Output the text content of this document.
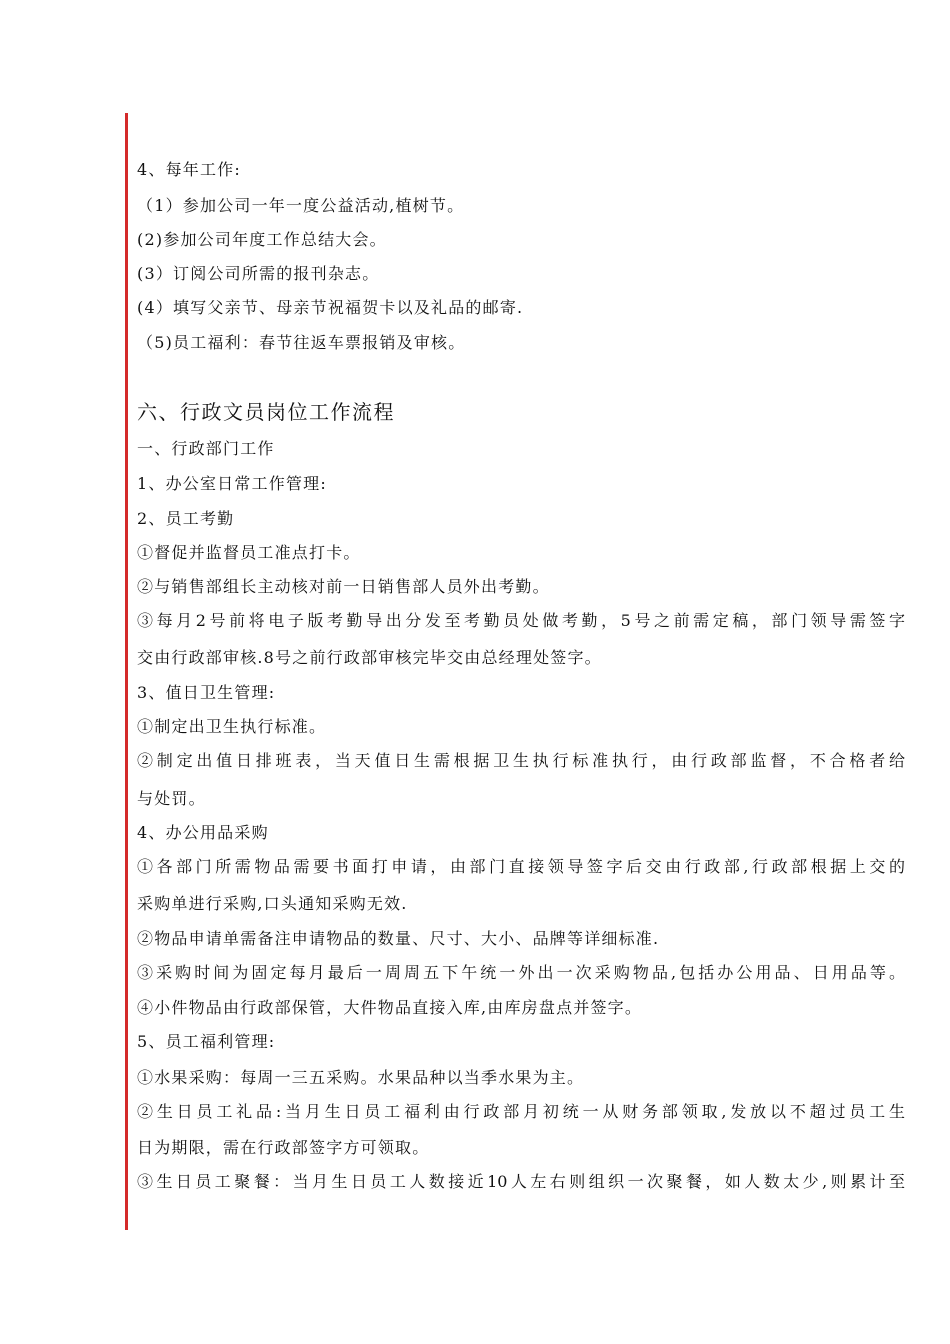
4、每年工作:
（1）参加公司一年一度公益活动,植树节。
(2)参加公司年度工作总结大会。
(3）订阅公司所需的报刊杂志。
(4）填写父亲节、母亲节祝福贺卡以及礼品的邮寄.
（5)员工福利：春节往返车票报销及审核。
六、行政文员岗位工作流程
一、行政部门工作
1、办公室日常工作管理:
2、员工考勤
①督促并监督员工准点打卡。
②与销售部组长主动核对前一日销售部人员外出考勤。
③每月2号前将电子版考勤导出分发至考勤员处做考勤，5号之前需定稿，部门领导需签字
交由行政部审核.8号之前行政部审核完毕交由总经理处签字。
3、值日卫生管理:
①制定出卫生执行标准。
②制定出值日排班表，当天值日生需根据卫生执行标准执行，由行政部监督，不合格者给
与处罚。
4、办公用品采购
①各部门所需物品需要书面打申请，由部门直接领导签字后交由行政部,行政部根据上交的
采购单进行采购,口头通知采购无效.
②物品申请单需备注申请物品的数量、尺寸、大小、品牌等详细标准.
③采购时间为固定每月最后一周周五下午统一外出一次采购物品,包括办公用品、日用品等。
④小件物品由行政部保管，大件物品直接入库,由库房盘点并签字。
5、员工福利管理:
①水果采购：每周一三五采购。水果品种以当季水果为主。
②生日员工礼品:当月生日员工福利由行政部月初统一从财务部领取,发放以不超过员工生
日为期限，需在行政部签字方可领取。
③生日员工聚餐：当月生日员工人数接近10人左右则组织一次聚餐，如人数太少,则累计至
